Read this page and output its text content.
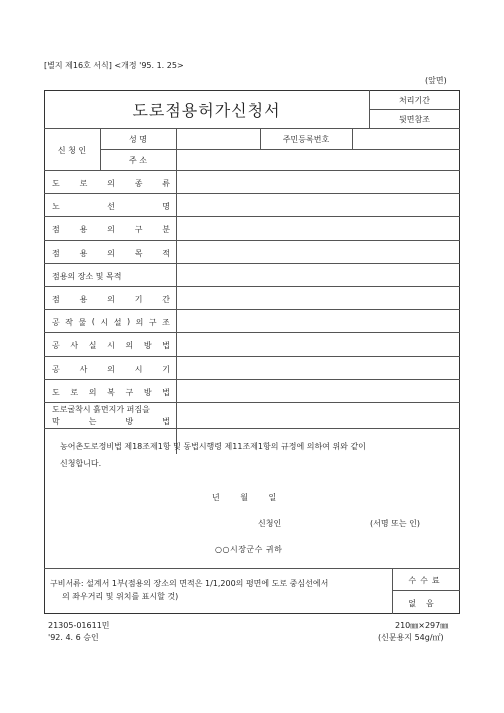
[별지 제16호 서식] <개정 '95. 1. 25>
(앞면)
도로점용허가신청서
처리기간
뒷면참조
신 청 인
성 명	주민등록번호
주 소
도 로 의 종 류
노	선	명
점 용 의 구 분
점 용 의 목 적
점용의 장소 및 목적
점 용 의 기 간
공 작 물 ( 시 설 ) 의 구 조
공 사 실 시 의 방 법
공 사 의 시 기
도 로 의 복 구 방 법
도로굴착시 흙먼지가 퍼짐을
막	는	방	법
농어촌도로정비법 제18조제1항 및 동법시행령 제11조제1항의 규정에 의하여 위와 같이
신청합니다.
년 월 일
신청인	(서명 또는 인)
○○시장군수 귀하
구비서류: 설계서 1부(점용의 장소의 면적은 1/1,200의 평면에 도로 중심선에서
의 좌우거리 및 위치를 표시할 것)
수수료
없음
21305-01611민
'92. 4. 6 승인
210㎜×297㎜
(신문용지 54g/㎡)
